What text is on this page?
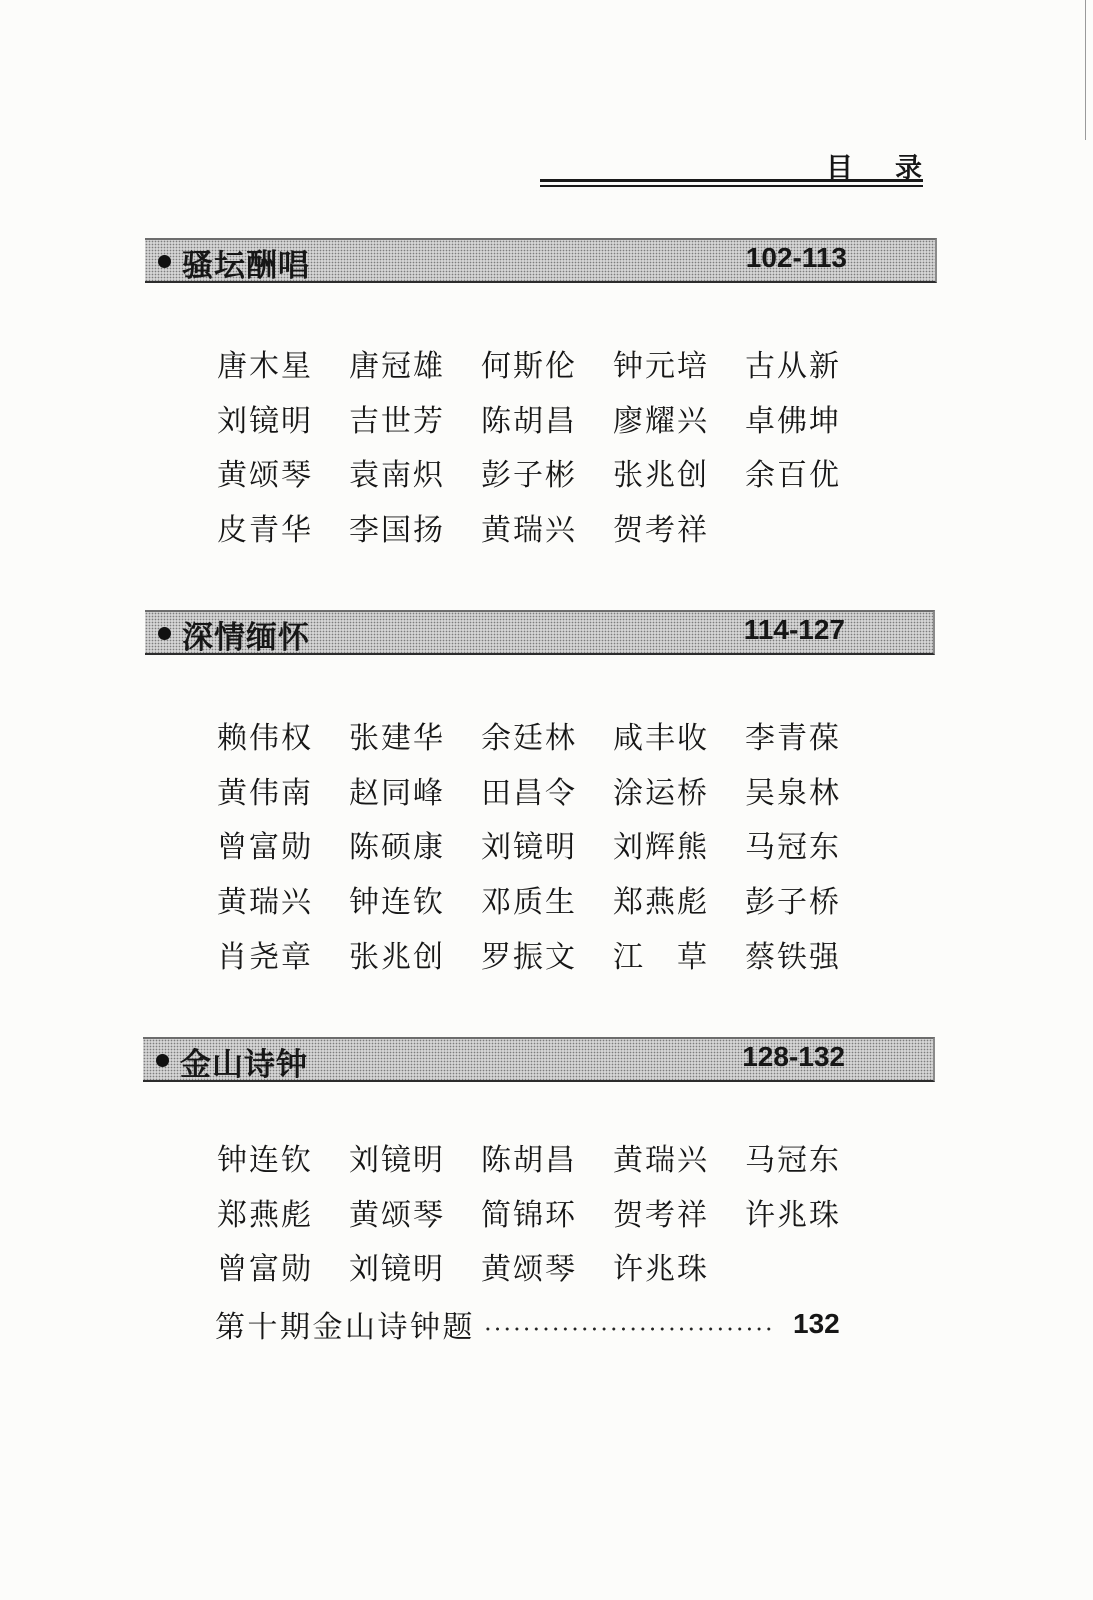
目录
骚坛酬唱	102-113
唐木星	唐冠雄	何斯伦	钟元培	古从新
刘镜明	吉世芳	陈胡昌	廖耀兴	卓佛坤
黄颂琴	袁南炽	彭子彬	张兆创	余百优
皮青华	李国扬	黄瑞兴	贺考祥
深情缅怀	114-127
赖伟权	张建华	余廷林	咸丰收	李青葆
黄伟南	赵同峰	田昌令	涂运桥	吴泉林
曾富勋	陈硕康	刘镜明	刘辉熊	马冠东
黄瑞兴	钟连钦	邓质生	郑燕彪	彭子桥
肖尧章	张兆创	罗振文	江　草	蔡铁强
金山诗钟	128-132
钟连钦	刘镜明	陈胡昌	黄瑞兴	马冠东
郑燕彪	黄颂琴	简锦环	贺考祥	许兆珠
曾富勋	刘镜明	黄颂琴	许兆珠
第十期金山诗钟题	132
